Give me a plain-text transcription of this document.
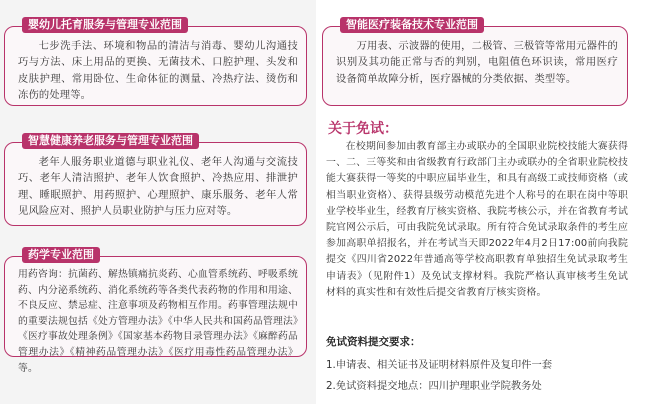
婴幼儿托育服务与管理专业范围
七步洗手法、环境和物品的清洁与消毒、婴幼儿沟通技巧与方法、床上用品的更换、无菌技术、口腔护理、头发和皮肤护理、常用卧位、生命体征的测量、冷热疗法、烫伤和冻伤的处理等。
智慧健康养老服务与管理专业范围
老年人服务职业道德与职业礼仪、老年人沟通与交流技巧、老年人清洁照护、老年人饮食照护、冷热应用、排泄护理、睡眠照护、用药照护、心理照护、康乐服务、老年人常见风险应对、照护人员职业防护与压力应对等。
药学专业范围
用药咨询：抗菌药、解热镇痛抗炎药、心血管系统药、呼吸系统药、内分泌系统药、消化系统药等各类代表药物的作用和用途、不良反应、禁忌症、注意事项及药物相互作用。药事管理法规中的重要法规包括《处方管理办法》《中华人民共和国药品管理法》《医疗事故处理条例》《国家基本药物目录管理办法》《麻醉药品管理办法》《精神药品管理办法》《医疗用毒性药品管理办法》等。
智能医疗装备技术专业范围
万用表、示波器的使用，二极管、三极管等常用元器件的识别及其功能正常与否的判别，电阻值色环识读，常用医疗设备简单故障分析，医疗器械的分类依据、类型等。
关于免试：
在校期间参加由教育部主办或联办的全国职业院校技能大赛获得一、二、三等奖和由省级教育行政部门主办或联办的全省职业院校技能大赛获得一等奖的中职应届毕业生，和具有高级工或技师资格（或相当职业资格）、获得县级劳动模范先进个人称号的在职在岗中等职业学校毕业生，经教育厅核实资格、我院考核公示，并在省教育考试院官网公示后，可由我院免试录取。所有符合免试录取条件的考生应参加高职单招报名，并在考试当天即2022年4月2日17:00前向我院提交《四川省2022年普通高等学校高职教育单独招生免试录取考生申请表》（见附件1）及免试支撑材料。我院严格认真审核考生免试材料的真实性和有效性后提交省教育厅核实资格。
免试资料提交要求：
1.申请表、相关证书及证明材料原件及复印件一套
2.免试资料提交地点：四川护理职业学院教务处
